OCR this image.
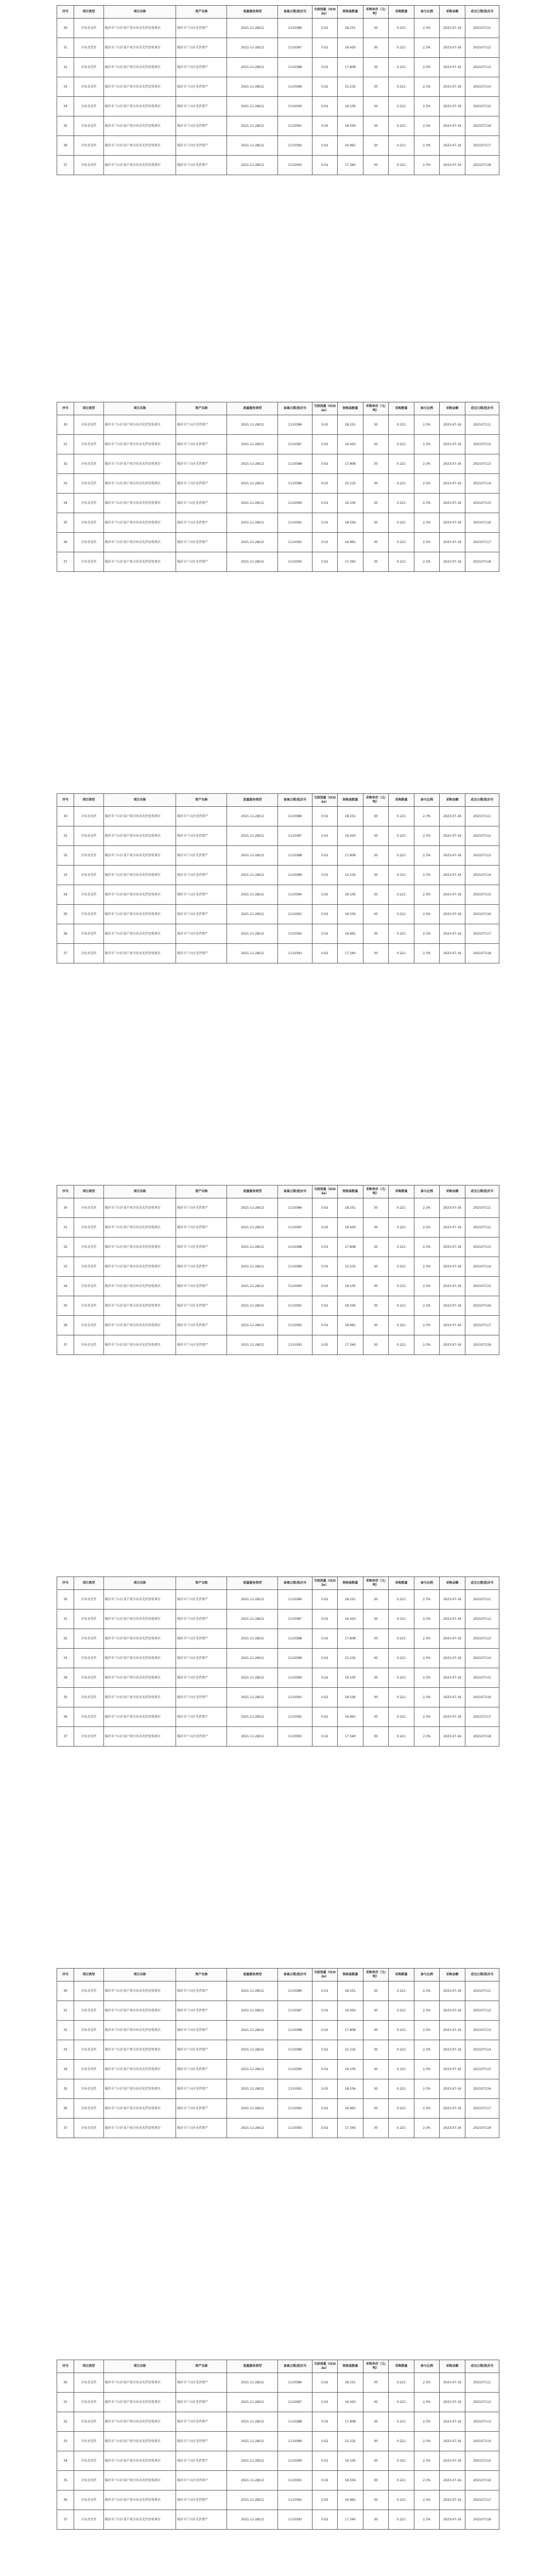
序号	项目类型	项目名称	资产名称	流量服务类型	备案日期/批次号	当前流量（tCO2e）	资格基数量	采购单价（元/吨）	采购数量	参与比例	采购金额	成交日期/批次号
30	分布式光伏	临沂市兰山区某户用分布式光伏发电项目	临沂市兰山区光伏资产	2021-11-28/12	1110386	0.02	18.251	30	0.221	2.3%	2023-07-16	202107111
31	分布式光伏	临沂市兰山区某户用分布式光伏发电项目	临沂市兰山区光伏资产	2021-11-28/12	1110387	0.02	16.420	30	0.221	2.3%	2023-07-16	202107112
32	分布式光伏	临沂市兰山区某户用分布式光伏发电项目	临沂市兰山区光伏资产	2021-11-28/12	1110388	0.02	17.808	30	0.221	2.3%	2023-07-16	202107113
33	分布式光伏	临沂市兰山区某户用分布式光伏发电项目	临沂市兰山区光伏资产	2021-11-28/12	1110389	0.02	15.232	30	0.221	2.3%	2023-07-16	202107114
34	分布式光伏	临沂市兰山区某户用分布式光伏发电项目	临沂市兰山区光伏资产	2021-11-28/12	1110390	0.02	19.105	30	0.221	2.3%	2023-07-16	202107115
35	分布式光伏	临沂市兰山区某户用分布式光伏发电项目	临沂市兰山区光伏资产	2021-11-28/12	1110391	0.02	18.556	30	0.221	2.3%	2023-07-16	202107116
36	分布式光伏	临沂市兰山区某户用分布式光伏发电项目	临沂市兰山区光伏资产	2021-11-28/12	1110392	0.02	16.991	30	0.221	2.3%	2023-07-16	202107117
37	分布式光伏	临沂市兰山区某户用分布式光伏发电项目	临沂市兰山区光伏资产	2021-11-28/12	1110393	0.02	17.340	30	0.221	2.3%	2023-07-16	202107118
序号	项目类型	项目名称	资产名称	流量服务类型	备案日期/批次号	当前流量（tCO2e）	资格基数量	采购单价（元/吨）	采购数量	参与比例	采购金额	成交日期/批次号
30	分布式光伏	临沂市兰山区某户用分布式光伏发电项目	临沂市兰山区光伏资产	2021-11-28/12	1110386	0.02	18.251	30	0.221	2.3%	2023-07-16	202107111
31	分布式光伏	临沂市兰山区某户用分布式光伏发电项目	临沂市兰山区光伏资产	2021-11-28/12	1110387	0.02	16.420	30	0.221	2.3%	2023-07-16	202107112
32	分布式光伏	临沂市兰山区某户用分布式光伏发电项目	临沂市兰山区光伏资产	2021-11-28/12	1110388	0.02	17.808	30	0.221	2.3%	2023-07-16	202107113
33	分布式光伏	临沂市兰山区某户用分布式光伏发电项目	临沂市兰山区光伏资产	2021-11-28/12	1110389	0.02	15.232	30	0.221	2.3%	2023-07-16	202107114
34	分布式光伏	临沂市兰山区某户用分布式光伏发电项目	临沂市兰山区光伏资产	2021-11-28/12	1110390	0.02	19.105	30	0.221	2.3%	2023-07-16	202107115
35	分布式光伏	临沂市兰山区某户用分布式光伏发电项目	临沂市兰山区光伏资产	2021-11-28/12	1110391	0.02	18.556	30	0.221	2.3%	2023-07-16	202107116
36	分布式光伏	临沂市兰山区某户用分布式光伏发电项目	临沂市兰山区光伏资产	2021-11-28/12	1110392	0.02	16.991	30	0.221	2.3%	2023-07-16	202107117
37	分布式光伏	临沂市兰山区某户用分布式光伏发电项目	临沂市兰山区光伏资产	2021-11-28/12	1110393	0.02	17.340	30	0.221	2.3%	2023-07-16	202107118
序号	项目类型	项目名称	资产名称	流量服务类型	备案日期/批次号	当前流量（tCO2e）	资格基数量	采购单价（元/吨）	采购数量	参与比例	采购金额	成交日期/批次号
30	分布式光伏	临沂市兰山区某户用分布式光伏发电项目	临沂市兰山区光伏资产	2021-11-28/12	1110386	0.02	18.251	30	0.221	2.3%	2023-07-16	202107111
31	分布式光伏	临沂市兰山区某户用分布式光伏发电项目	临沂市兰山区光伏资产	2021-11-28/12	1110387	0.02	16.420	30	0.221	2.3%	2023-07-16	202107112
32	分布式光伏	临沂市兰山区某户用分布式光伏发电项目	临沂市兰山区光伏资产	2021-11-28/12	1110388	0.02	17.808	30	0.221	2.3%	2023-07-16	202107113
33	分布式光伏	临沂市兰山区某户用分布式光伏发电项目	临沂市兰山区光伏资产	2021-11-28/12	1110389	0.02	15.232	30	0.221	2.3%	2023-07-16	202107114
34	分布式光伏	临沂市兰山区某户用分布式光伏发电项目	临沂市兰山区光伏资产	2021-11-28/12	1110390	0.02	19.105	30	0.221	2.3%	2023-07-16	202107115
35	分布式光伏	临沂市兰山区某户用分布式光伏发电项目	临沂市兰山区光伏资产	2021-11-28/12	1110391	0.02	18.556	30	0.221	2.3%	2023-07-16	202107116
36	分布式光伏	临沂市兰山区某户用分布式光伏发电项目	临沂市兰山区光伏资产	2021-11-28/12	1110392	0.02	16.991	30	0.221	2.3%	2023-07-16	202107117
37	分布式光伏	临沂市兰山区某户用分布式光伏发电项目	临沂市兰山区光伏资产	2021-11-28/12	1110393	0.02	17.340	30	0.221	2.3%	2023-07-16	202107118
序号	项目类型	项目名称	资产名称	流量服务类型	备案日期/批次号	当前流量（tCO2e）	资格基数量	采购单价（元/吨）	采购数量	参与比例	采购金额	成交日期/批次号
30	分布式光伏	临沂市兰山区某户用分布式光伏发电项目	临沂市兰山区光伏资产	2021-11-28/12	1110386	0.02	18.251	30	0.221	2.3%	2023-07-16	202107111
31	分布式光伏	临沂市兰山区某户用分布式光伏发电项目	临沂市兰山区光伏资产	2021-11-28/12	1110387	0.02	16.420	30	0.221	2.3%	2023-07-16	202107112
32	分布式光伏	临沂市兰山区某户用分布式光伏发电项目	临沂市兰山区光伏资产	2021-11-28/12	1110388	0.02	17.808	30	0.221	2.3%	2023-07-16	202107113
33	分布式光伏	临沂市兰山区某户用分布式光伏发电项目	临沂市兰山区光伏资产	2021-11-28/12	1110389	0.02	15.232	30	0.221	2.3%	2023-07-16	202107114
34	分布式光伏	临沂市兰山区某户用分布式光伏发电项目	临沂市兰山区光伏资产	2021-11-28/12	1110390	0.02	19.105	30	0.221	2.3%	2023-07-16	202107115
35	分布式光伏	临沂市兰山区某户用分布式光伏发电项目	临沂市兰山区光伏资产	2021-11-28/12	1110391	0.02	18.556	30	0.221	2.3%	2023-07-16	202107116
36	分布式光伏	临沂市兰山区某户用分布式光伏发电项目	临沂市兰山区光伏资产	2021-11-28/12	1110392	0.02	16.991	30	0.221	2.3%	2023-07-16	202107117
37	分布式光伏	临沂市兰山区某户用分布式光伏发电项目	临沂市兰山区光伏资产	2021-11-28/12	1110393	0.02	17.340	30	0.221	2.3%	2023-07-16	202107118
序号	项目类型	项目名称	资产名称	流量服务类型	备案日期/批次号	当前流量（tCO2e）	资格基数量	采购单价（元/吨）	采购数量	参与比例	采购金额	成交日期/批次号
30	分布式光伏	临沂市兰山区某户用分布式光伏发电项目	临沂市兰山区光伏资产	2021-11-28/12	1110386	0.02	18.251	30	0.221	2.3%	2023-07-16	202107111
31	分布式光伏	临沂市兰山区某户用分布式光伏发电项目	临沂市兰山区光伏资产	2021-11-28/12	1110387	0.02	16.420	30	0.221	2.3%	2023-07-16	202107112
32	分布式光伏	临沂市兰山区某户用分布式光伏发电项目	临沂市兰山区光伏资产	2021-11-28/12	1110388	0.02	17.808	30	0.221	2.3%	2023-07-16	202107113
33	分布式光伏	临沂市兰山区某户用分布式光伏发电项目	临沂市兰山区光伏资产	2021-11-28/12	1110389	0.02	15.232	30	0.221	2.3%	2023-07-16	202107114
34	分布式光伏	临沂市兰山区某户用分布式光伏发电项目	临沂市兰山区光伏资产	2021-11-28/12	1110390	0.02	19.105	30	0.221	2.3%	2023-07-16	202107115
35	分布式光伏	临沂市兰山区某户用分布式光伏发电项目	临沂市兰山区光伏资产	2021-11-28/12	1110391	0.02	18.556	30	0.221	2.3%	2023-07-16	202107116
36	分布式光伏	临沂市兰山区某户用分布式光伏发电项目	临沂市兰山区光伏资产	2021-11-28/12	1110392	0.02	16.991	30	0.221	2.3%	2023-07-16	202107117
37	分布式光伏	临沂市兰山区某户用分布式光伏发电项目	临沂市兰山区光伏资产	2021-11-28/12	1110393	0.02	17.340	30	0.221	2.3%	2023-07-16	202107118
序号	项目类型	项目名称	资产名称	流量服务类型	备案日期/批次号	当前流量（tCO2e）	资格基数量	采购单价（元/吨）	采购数量	参与比例	采购金额	成交日期/批次号
30	分布式光伏	临沂市兰山区某户用分布式光伏发电项目	临沂市兰山区光伏资产	2021-11-28/12	1110386	0.02	18.251	30	0.221	2.3%	2023-07-16	202107111
31	分布式光伏	临沂市兰山区某户用分布式光伏发电项目	临沂市兰山区光伏资产	2021-11-28/12	1110387	0.02	16.420	30	0.221	2.3%	2023-07-16	202107112
32	分布式光伏	临沂市兰山区某户用分布式光伏发电项目	临沂市兰山区光伏资产	2021-11-28/12	1110388	0.02	17.808	30	0.221	2.3%	2023-07-16	202107113
33	分布式光伏	临沂市兰山区某户用分布式光伏发电项目	临沂市兰山区光伏资产	2021-11-28/12	1110389	0.02	15.232	30	0.221	2.3%	2023-07-16	202107114
34	分布式光伏	临沂市兰山区某户用分布式光伏发电项目	临沂市兰山区光伏资产	2021-11-28/12	1110390	0.02	19.105	30	0.221	2.3%	2023-07-16	202107115
35	分布式光伏	临沂市兰山区某户用分布式光伏发电项目	临沂市兰山区光伏资产	2021-11-28/12	1110391	0.02	18.556	30	0.221	2.3%	2023-07-16	202107116
36	分布式光伏	临沂市兰山区某户用分布式光伏发电项目	临沂市兰山区光伏资产	2021-11-28/12	1110392	0.02	16.991	30	0.221	2.3%	2023-07-16	202107117
37	分布式光伏	临沂市兰山区某户用分布式光伏发电项目	临沂市兰山区光伏资产	2021-11-28/12	1110393	0.02	17.340	30	0.221	2.3%	2023-07-16	202107118
序号	项目类型	项目名称	资产名称	流量服务类型	备案日期/批次号	当前流量（tCO2e）	资格基数量	采购单价（元/吨）	采购数量	参与比例	采购金额	成交日期/批次号
30	分布式光伏	临沂市兰山区某户用分布式光伏发电项目	临沂市兰山区光伏资产	2021-11-28/12	1110386	0.02	18.251	30	0.221	2.3%	2023-07-16	202107111
31	分布式光伏	临沂市兰山区某户用分布式光伏发电项目	临沂市兰山区光伏资产	2021-11-28/12	1110387	0.02	16.420	30	0.221	2.3%	2023-07-16	202107112
32	分布式光伏	临沂市兰山区某户用分布式光伏发电项目	临沂市兰山区光伏资产	2021-11-28/12	1110388	0.02	17.808	30	0.221	2.3%	2023-07-16	202107113
33	分布式光伏	临沂市兰山区某户用分布式光伏发电项目	临沂市兰山区光伏资产	2021-11-28/12	1110389	0.02	15.232	30	0.221	2.3%	2023-07-16	202107114
34	分布式光伏	临沂市兰山区某户用分布式光伏发电项目	临沂市兰山区光伏资产	2021-11-28/12	1110390	0.02	19.105	30	0.221	2.3%	2023-07-16	202107115
35	分布式光伏	临沂市兰山区某户用分布式光伏发电项目	临沂市兰山区光伏资产	2021-11-28/12	1110391	0.02	18.556	30	0.221	2.3%	2023-07-16	202107116
36	分布式光伏	临沂市兰山区某户用分布式光伏发电项目	临沂市兰山区光伏资产	2021-11-28/12	1110392	0.02	16.991	30	0.221	2.3%	2023-07-16	202107117
37	分布式光伏	临沂市兰山区某户用分布式光伏发电项目	临沂市兰山区光伏资产	2021-11-28/12	1110393	0.02	17.340	30	0.221	2.3%	2023-07-16	202107118
